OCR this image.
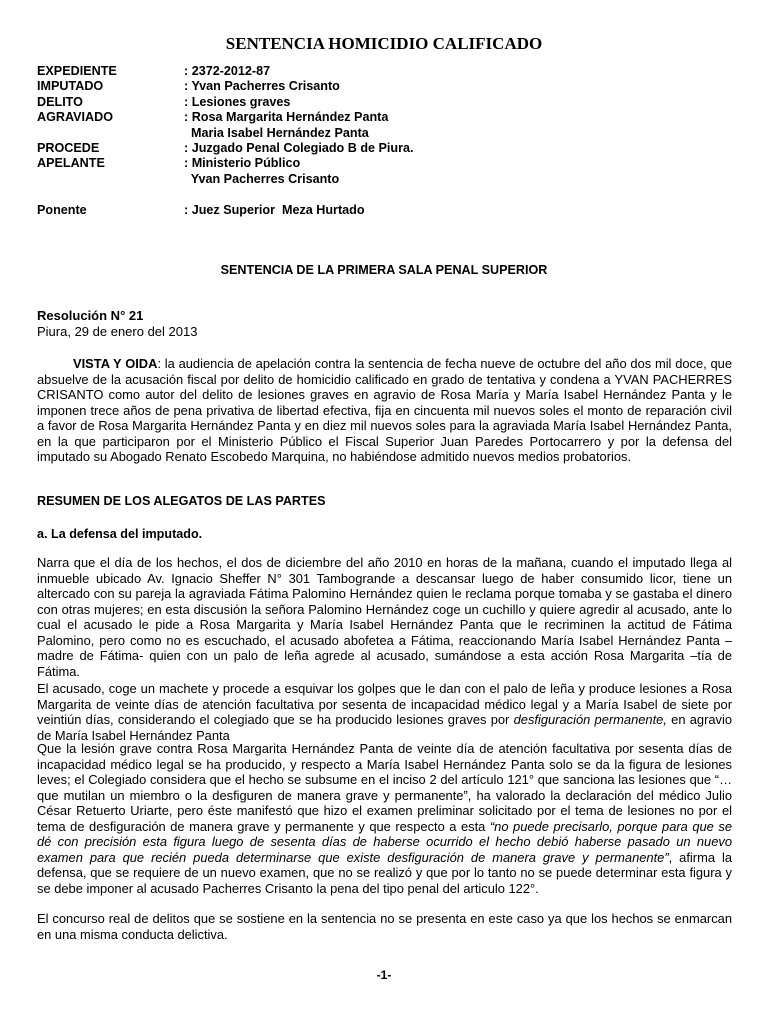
SENTENCIA HOMICIDIO CALIFICADO
EXPEDIENTE	: 2372-2012-87
IMPUTADO	: Yvan Pacherres Crisanto
DELITO	: Lesiones graves
AGRAVIADO	: Rosa Margarita Hernández Panta
Maria Isabel Hernández Panta
PROCEDE	: Juzgado Penal Colegiado B de Piura.
APELANTE	: Ministerio Público
Yvan Pacherres Crisanto
Ponente	: Juez Superior  Meza Hurtado
SENTENCIA DE LA PRIMERA SALA PENAL SUPERIOR
Resolución N° 21
Piura, 29 de enero del 2013
VISTA Y OIDA: la audiencia de apelación contra la sentencia de fecha nueve de octubre del año dos mil doce, que absuelve de la acusación fiscal por delito de homicidio calificado en grado de tentativa y condena a YVAN PACHERRES CRISANTO como autor del delito de lesiones graves en agravio de Rosa María y María Isabel Hernández Panta y le imponen trece años de pena privativa de libertad efectiva, fija en cincuenta mil nuevos soles el monto de reparación civil a favor de Rosa Margarita Hernández Panta y en diez mil nuevos soles para la agraviada María Isabel Hernández Panta, en la que participaron por el Ministerio Público el Fiscal Superior Juan Paredes Portocarrero y por la defensa del imputado su Abogado Renato Escobedo Marquina, no habiéndose admitido nuevos medios probatorios.
RESUMEN DE LOS ALEGATOS DE LAS PARTES
a. La defensa del imputado.
Narra que el día de los hechos, el dos de diciembre del año 2010 en horas de la mañana, cuando el imputado llega al inmueble ubicado Av. Ignacio Sheffer N° 301 Tambogrande a descansar luego de haber consumido licor, tiene un altercado con su pareja la agraviada Fátima Palomino Hernández quien le reclama porque tomaba y se gastaba el dinero con otras mujeres; en esta discusión la señora Palomino Hernández coge un cuchillo y quiere agredir al acusado, ante lo cual el acusado le pide a Rosa Margarita y María Isabel Hernández Panta que le recriminen la actitud de Fátima Palomino, pero como no es escuchado, el acusado abofetea a Fátima, reaccionando María Isabel Hernández Panta –madre de Fátima- quien con un palo de leña agrede al acusado, sumándose a esta acción Rosa Margarita –tía de Fátima.
El acusado, coge un machete y procede a esquivar los golpes que le dan con el palo de leña y produce lesiones a Rosa Margarita de veinte días de atención facultativa por sesenta de incapacidad médico legal y a María Isabel de siete por veintiún días, considerando el colegiado que se ha producido lesiones graves por desfiguración permanente, en agravio de María Isabel Hernández Panta
Que la lesión grave contra Rosa Margarita Hernández Panta de veinte día de atención facultativa por sesenta días de incapacidad médico legal se ha producido, y respecto a María Isabel Hernández Panta solo se da la figura de lesiones leves; el Colegiado considera que el hecho se subsume en el inciso 2 del artículo 121° que sanciona las lesiones que “… que mutilan un miembro o la desfiguren de manera grave y permanente”, ha valorado la declaración del médico Julio César Retuerto Uriarte, pero éste manifestó que hizo el examen preliminar solicitado por el tema de lesiones no por el tema de desfiguración de manera grave y permanente y que respecto a esta “no puede precisarlo, porque para que se dé con precisión esta figura luego de sesenta días de haberse ocurrido el hecho debió haberse pasado un nuevo examen para que recién pueda determinarse que existe desfiguración de manera grave y permanente”, afirma la defensa, que se requiere de un nuevo examen, que no se realizó y que por lo tanto no se puede determinar esta figura y se debe imponer al acusado Pacherres Crisanto la pena del tipo penal del articulo 122°.
El concurso real de delitos que se sostiene en la sentencia no se presenta en este caso ya que los hechos se enmarcan en una misma conducta delictiva.
-1-
